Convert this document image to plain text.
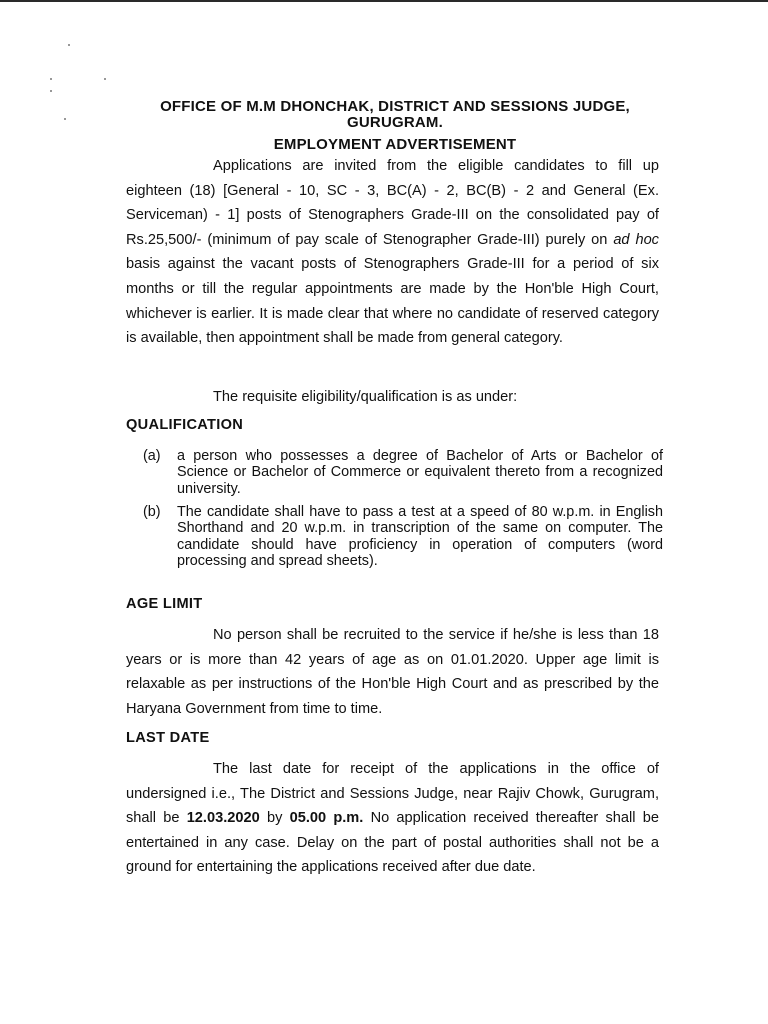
OFFICE OF M.M DHONCHAK, DISTRICT AND SESSIONS JUDGE,
GURUGRAM.
EMPLOYMENT ADVERTISEMENT

Applications are invited from the eligible candidates to fill up eighteen (18) [General - 10, SC - 3, BC(A) - 2, BC(B) - 2 and General (Ex. Serviceman) - 1] posts of Stenographers Grade-III on the consolidated pay of Rs.25,500/- (minimum of pay scale of Stenographer Grade-III) purely on ad hoc basis against the vacant posts of Stenographers Grade-III for a period of six months or till the regular appointments are made by the Hon'ble High Court, whichever is earlier. It is made clear that where no candidate of reserved category is available, then appointment shall be made from general category.

The requisite eligibility/qualification is as under:
QUALIFICATION
(a)	a person who possesses a degree of Bachelor of Arts or Bachelor of Science or Bachelor of Commerce or equivalent thereto from a recognized university.
(b)	The candidate shall have to pass a test at a speed of 80 w.p.m. in English Shorthand and 20 w.p.m. in transcription of the same on computer. The candidate should have proficiency in operation of computers (word processing and spread sheets).
AGE LIMIT

No person shall be recruited to the service if he/she is less than 18 years or is more than 42 years of age as on 01.01.2020. Upper age limit is relaxable as per instructions of the Hon'ble High Court and as prescribed by the Haryana Government from time to time.

LAST DATE

The last date for receipt of the applications in the office of undersigned i.e., The District and Sessions Judge, near Rajiv Chowk, Gurugram, shall be 12.03.2020 by 05.00 p.m. No application received thereafter shall be entertained in any case. Delay on the part of postal authorities shall not be a ground for entertaining the applications received after due date.
